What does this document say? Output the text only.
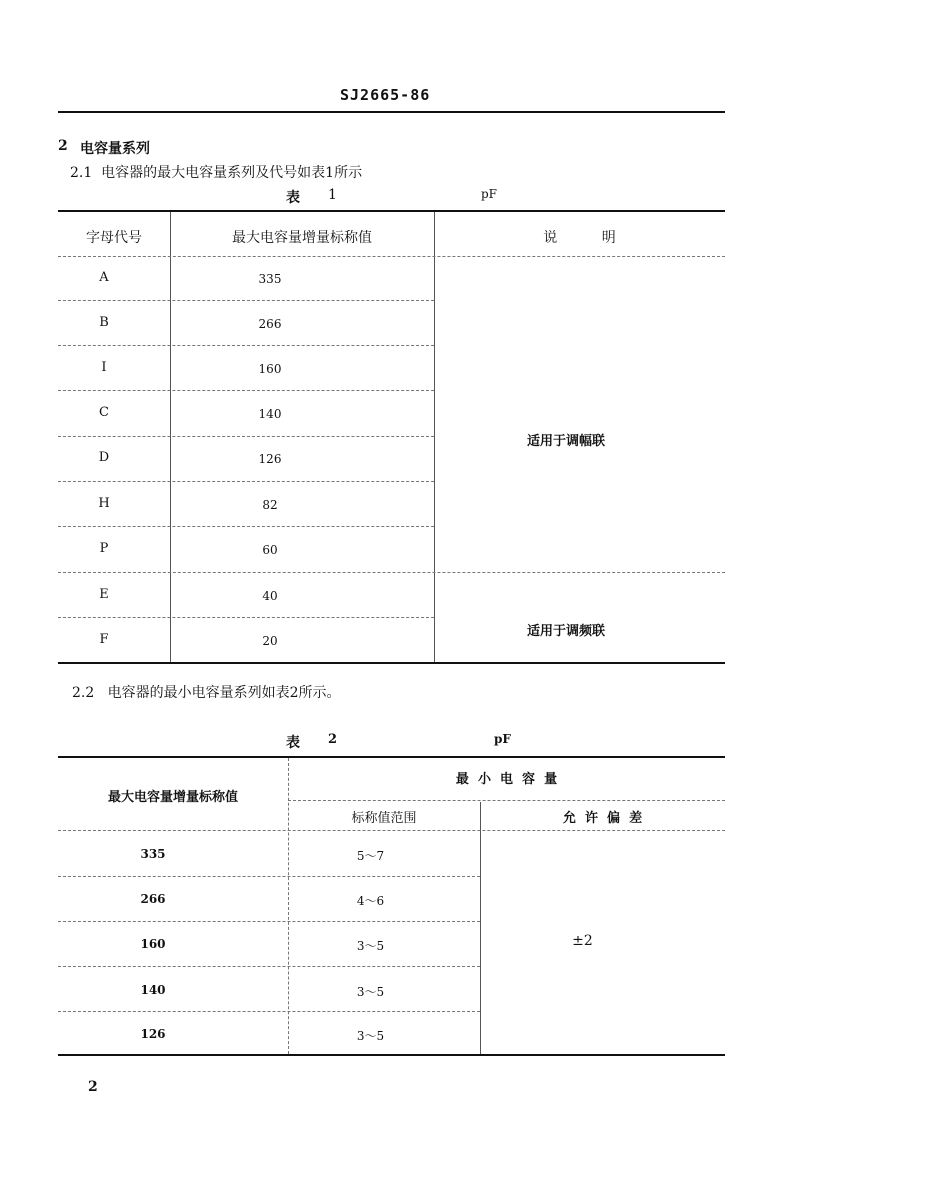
SJ2665-86
2 电容量系列
2.1  电容器的最大电容量系列及代号如表1所示
表 1	pF
字母代号	最大电容量增量标称值	说          明
A	335
B	266
I	160
C	140
D	126
H	82
P	60
E	40
F	20
适用于调幅联
适用于调频联
2.2   电容器的最小电容量系列如表2所示。
表 2	pF
最大电容量增量标称值
最  小  电  容  量
标称值范围	允  许  偏  差
335	5～7
266	4～6
160	3～5
140	3～5
126	3～5
±2
2
